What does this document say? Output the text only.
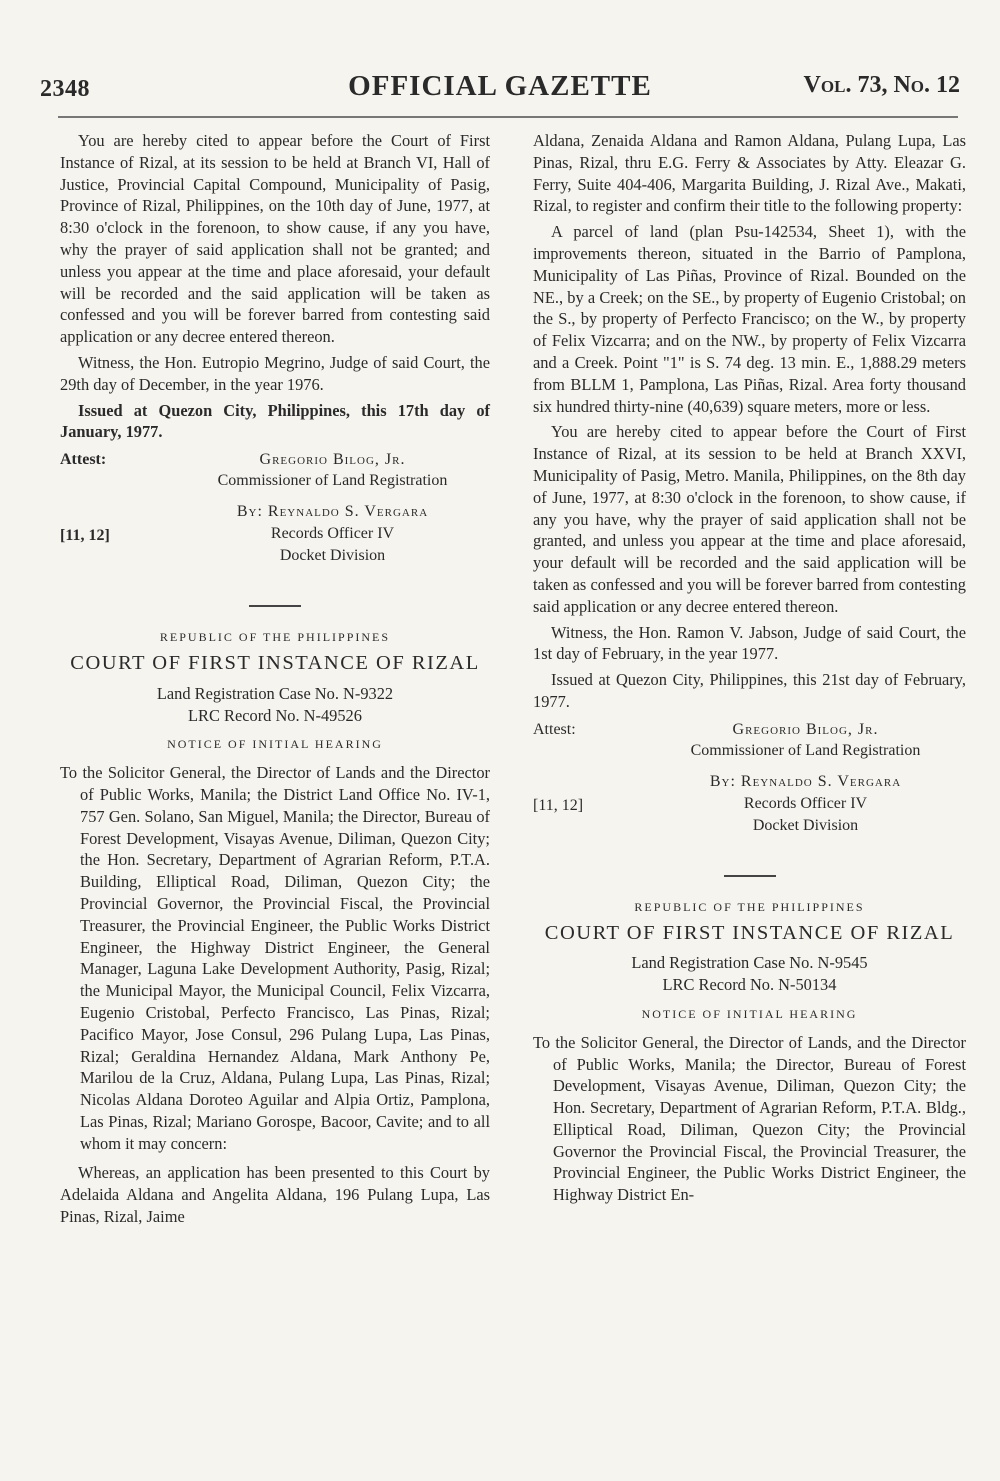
2348	OFFICIAL GAZETTE	Vol. 73, No. 12

You are hereby cited to appear before the Court of First Instance of Rizal, at its session to be held at Branch VI, Hall of Justice, Provincial Capital Compound, Municipality of Pasig, Province of Rizal, Philippines, on the 10th day of June, 1977, at 8:30 o'clock in the forenoon, to show cause, if any you have, why the prayer of said application shall not be granted; and unless you appear at the time and place aforesaid, your default will be recorded and the said application will be taken as confessed and you will be forever barred from contesting said application or any decree entered thereon.

Witness, the Hon. Eutropio Megrino, Judge of said Court, the 29th day of December, in the year 1976.

Issued at Quezon City, Philippines, this 17th day of January, 1977.

Attest:	Gregorio Bilog, Jr.
Commissioner of Land Registration
By: Reynaldo S. Vergara
Records Officer IV
Docket Division
[11, 12]
REPUBLIC OF THE PHILIPPINES
COURT OF FIRST INSTANCE OF RIZAL
Land Registration Case No. N-9322
LRC Record No. N-49526
NOTICE OF INITIAL HEARING

To the Solicitor General, the Director of Lands and the Director of Public Works, Manila; the District Land Office No. IV-1, 757 Gen. Solano, San Miguel, Manila; the Director, Bureau of Forest Development, Visayas Avenue, Diliman, Quezon City; the Hon. Secretary, Department of Agrarian Reform, P.T.A. Building, Elliptical Road, Diliman, Quezon City; the Provincial Governor, the Provincial Fiscal, the Provincial Treasurer, the Provincial Engineer, the Public Works District Engineer, the Highway District Engineer, the General Manager, Laguna Lake Development Authority, Pasig, Rizal; the Municipal Mayor, the Municipal Council, Felix Vizcarra, Eugenio Cristobal, Perfecto Francisco, Las Pinas, Rizal; Pacifico Mayor, Jose Consul, 296 Pulang Lupa, Las Pinas, Rizal; Geraldina Hernandez Aldana, Mark Anthony Pe, Marilou de la Cruz, Aldana, Pulang Lupa, Las Pinas, Rizal; Nicolas Aldana Doroteo Aguilar and Alpia Ortiz, Pamplona, Las Pinas, Rizal; Mariano Gorospe, Bacoor, Cavite; and to all whom it may concern:

Whereas, an application has been presented to this Court by Adelaida Aldana and Angelita Aldana, 196 Pulang Lupa, Las Pinas, Rizal, Jaime

Aldana, Zenaida Aldana and Ramon Aldana, Pulang Lupa, Las Pinas, Rizal, thru E.G. Ferry & Associates by Atty. Eleazar G. Ferry, Suite 404-406, Margarita Building, J. Rizal Ave., Makati, Rizal, to register and confirm their title to the following property:

A parcel of land (plan Psu-142534, Sheet 1), with the improvements thereon, situated in the Barrio of Pamplona, Municipality of Las Piñas, Province of Rizal. Bounded on the NE., by a Creek; on the SE., by property of Eugenio Cristobal; on the S., by property of Perfecto Francisco; on the W., by property of Felix Vizcarra; and on the NW., by property of Felix Vizcarra and a Creek. Point "1" is S. 74 deg. 13 min. E., 1,888.29 meters from BLLM 1, Pamplona, Las Piñas, Rizal. Area forty thousand six hundred thirty-nine (40,639) square meters, more or less.

You are hereby cited to appear before the Court of First Instance of Rizal, at its session to be held at Branch XXVI, Municipality of Pasig, Metro. Manila, Philippines, on the 8th day of June, 1977, at 8:30 o'clock in the forenoon, to show cause, if any you have, why the prayer of said application shall not be granted, and unless you appear at the time and place aforesaid, your default will be recorded and the said application will be taken as confessed and you will be forever barred from contesting said application or any decree entered thereon.

Witness, the Hon. Ramon V. Jabson, Judge of said Court, the 1st day of February, in the year 1977.

Issued at Quezon City, Philippines, this 21st day of February, 1977.

Attest:	Gregorio Bilog, Jr.
Commissioner of Land Registration
By: Reynaldo S. Vergara
Records Officer IV
Docket Division
[11, 12]
REPUBLIC OF THE PHILIPPINES
COURT OF FIRST INSTANCE OF RIZAL
Land Registration Case No. N-9545
LRC Record No. N-50134
NOTICE OF INITIAL HEARING

To the Solicitor General, the Director of Lands, and the Director of Public Works, Manila; the Director, Bureau of Forest Development, Visayas Avenue, Diliman, Quezon City; the Hon. Secretary, Department of Agrarian Reform, P.T.A. Bldg., Elliptical Road, Diliman, Quezon City; the Provincial Governor the Provincial Fiscal, the Provincial Treasurer, the Provincial Engineer, the Public Works District Engineer, the Highway District En-
